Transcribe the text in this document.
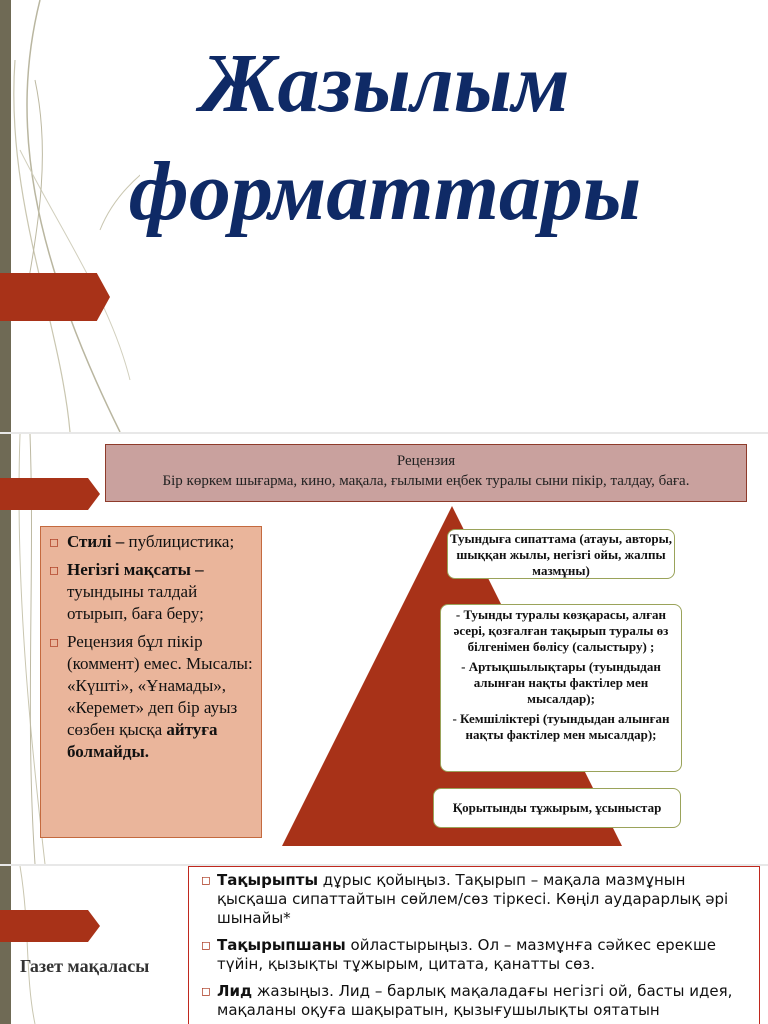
Жазылым
форматтары
Рецензия
Бір көркем шығарма, кино, мақала, ғылыми еңбек туралы сыни пікір, талдау, баға.
◻ Стилі – публицистика;
◻ Негізгі мақсаты – туындыны талдай отырып, баға беру;
◻ Рецензия бұл пікір (коммент) емес. Мысалы: «Күшті», «Ұнамады», «Керемет» деп бір ауыз сөзбен қысқа айтуға болмайды.
Туындыға сипаттама (атауы, авторы, шыққан жылы, негізгі ойы, жалпы мазмұны)
- Туынды туралы көзқарасы, алған әсері, қозғалған тақырып туралы өз білгенімен бөлісу (салыстыру) ;
- Артықшылықтары (туындыдан алынған нақты фактілер мен мысалдар);
- Кемшіліктері (туындыдан алынған нақты фактілер мен мысалдар);
Қорытынды тұжырым, ұсыныстар
Газет мақаласы
◻ Тақырыпты дұрыс қойыңыз. Тақырып – мақала мазмұнын қысқаша сипаттайтын сөйлем/сөз тіркесі. Көңіл аударарлық әрі шынайы*
◻ Тақырыпшаны ойластырыңыз. Ол – мазмұнға сәйкес ерекше түйін, қызықты тұжырым, цитата, қанатты сөз.
◻ Лид жазыңыз. Лид – барлық мақаладағы негізгі ой, басты идея, мақаланы оқуға шақыратын, қызығушылықты оятатын
